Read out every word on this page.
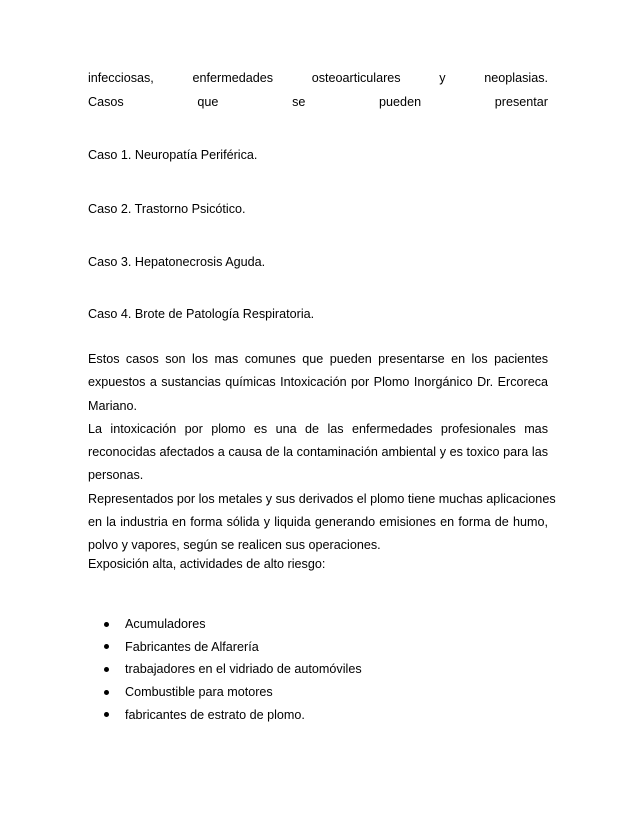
infecciosas,	enfermedades	osteoarticulares	y	neoplasias.
Casos	que	se	pueden	presentar
Caso 1. Neuropatía Periférica.
Caso 2. Trastorno Psicótico.
Caso 3. Hepatonecrosis Aguda.
Caso 4. Brote de Patología Respiratoria.
Estos casos son los mas comunes que pueden presentarse en los pacientes
expuestos a sustancias químicas Intoxicación por Plomo Inorgánico Dr. Ercoreca
Mariano.
La intoxicación por plomo es una de las enfermedades profesionales mas
reconocidas afectados a causa de la contaminación ambiental y es toxico para las
personas.
Representados por los metales y sus derivados el plomo tiene muchas aplicaciones
en la industria en forma sólida y liquida generando emisiones en forma de humo,
polvo y vapores, según se realicen sus operaciones.
Exposición alta, actividades de alto riesgo:
Acumuladores
Fabricantes de Alfarería
trabajadores en el vidriado de automóviles
Combustible para motores
fabricantes de estrato de plomo.
